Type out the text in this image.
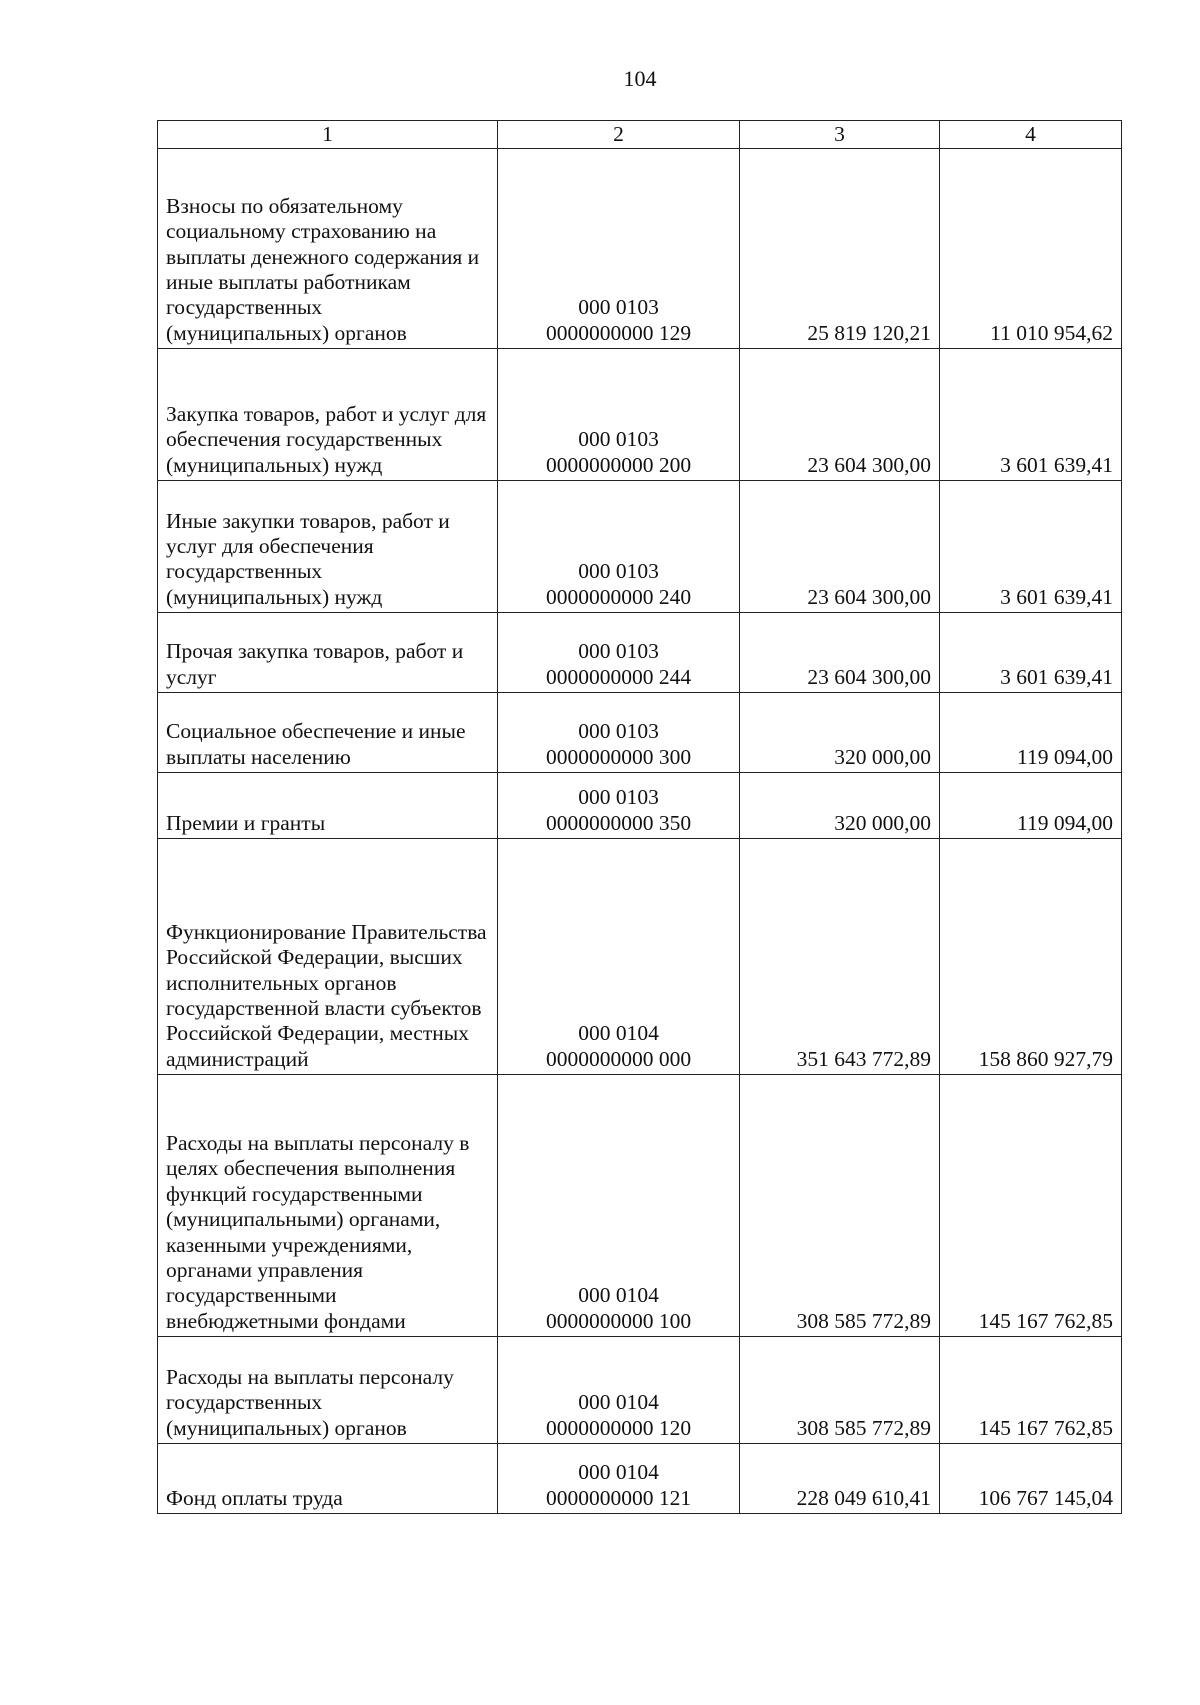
104
1	2	3	4

Взносы по обязательному социальному страхованию на выплаты денежного содержания и иные выплаты работникам государственных (муниципальных) органов	000 0103
0000000000 129	25 819 120,21	11 010 954,62

Закупка товаров, работ и услуг для обеспечения государственных (муниципальных) нужд	000 0103
0000000000 200	23 604 300,00	3 601 639,41

Иные закупки товаров, работ и услуг для обеспечения государственных (муниципальных) нужд	000 0103
0000000000 240	23 604 300,00	3 601 639,41

Прочая закупка товаров, работ и услуг	000 0103
0000000000 244	23 604 300,00	3 601 639,41

Социальное обеспечение и иные выплаты населению	000 0103
0000000000 300	320 000,00	119 094,00

Премии и гранты	000 0103
0000000000 350	320 000,00	119 094,00

Функционирование Правительства Российской Федерации, высших исполнительных органов государственной власти субъектов Российской Федерации, местных администраций	000 0104
0000000000 000	351 643 772,89	158 860 927,79

Расходы на выплаты персоналу в целях обеспечения выполнения функций государственными (муниципальными) органами, казенными учреждениями, органами управления государственными внебюджетными фондами	000 0104
0000000000 100	308 585 772,89	145 167 762,85

Расходы на выплаты персоналу государственных (муниципальных) органов	000 0104
0000000000 120	308 585 772,89	145 167 762,85

Фонд оплаты труда	000 0104
0000000000 121	228 049 610,41	106 767 145,04
